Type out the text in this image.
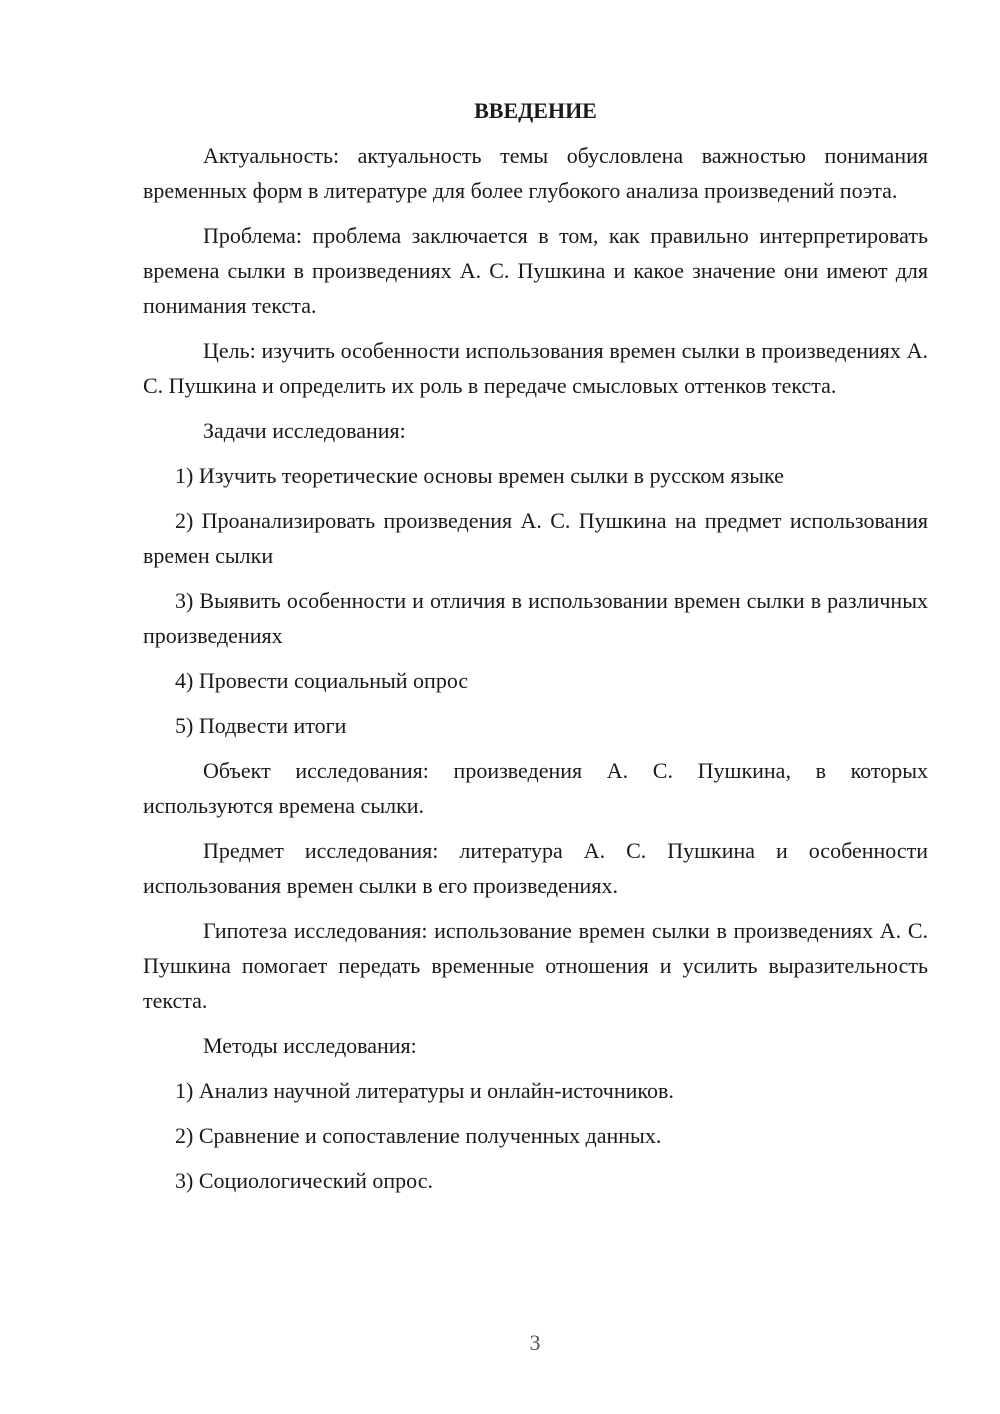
ВВЕДЕНИЕ

Актуальность: актуальность темы обусловлена важностью понимания временных форм в литературе для более глубокого анализа произведений поэта.

Проблема: проблема заключается в том, как правильно интерпретировать времена сылки в произведениях А. С. Пушкина и какое значение они имеют для понимания текста.

Цель: изучить особенности использования времен сылки в произведениях А. С. Пушкина и определить их роль в передаче смысловых оттенков текста.

Задачи исследования:

1) Изучить теоретические основы времен сылки в русском языке

2) Проанализировать произведения А. С. Пушкина на предмет использования времен сылки

3) Выявить особенности и отличия в использовании времен сылки в различных произведениях

4) Провести социальный опрос

5) Подвести итоги

Объект исследования: произведения А. С. Пушкина, в которых используются времена сылки.

Предмет исследования: литература А. С. Пушкина и особенности использования времен сылки в его произведениях.

Гипотеза исследования: использование времен сылки в произведениях А. С. Пушкина помогает передать временные отношения и усилить выразительность текста.

Методы исследования:

1) Анализ научной литературы и онлайн-источников.

2) Сравнение и сопоставление полученных данных.

3) Социологический опрос.

3
